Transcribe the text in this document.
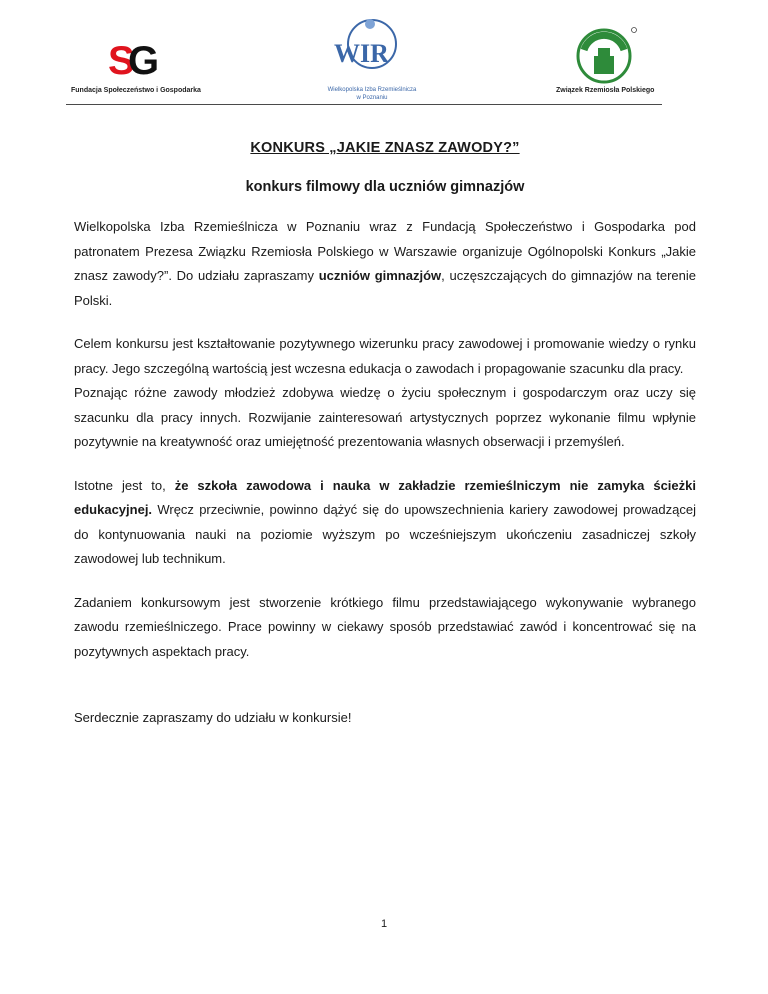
S
G
Fundacja Społeczeństwo i Gospodarka
WIR
Wielkopolska Izba Rzemieślnicza w Poznaniu
Związek Rzemiosła Polskiego
KONKURS „JAKIE ZNASZ ZAWODY?”
konkurs filmowy dla uczniów gimnazjów

Wielkopolska Izba Rzemieślnicza w Poznaniu wraz z Fundacją Społeczeństwo i Gospodarka pod patronatem Prezesa Związku Rzemiosła Polskiego w Warszawie organizuje Ogólnopolski Konkurs „Jakie znasz zawody?”. Do udziału zapraszamy uczniów gimnazjów, uczęszczających do gimnazjów na terenie Polski.

Celem konkursu jest kształtowanie pozytywnego wizerunku pracy zawodowej i promowanie wiedzy o rynku pracy. Jego szczególną wartością jest wczesna edukacja o zawodach i propagowanie szacunku dla pracy.

Poznając różne zawody młodzież zdobywa wiedzę o życiu społecznym i gospodarczym oraz uczy się szacunku dla pracy innych. Rozwijanie zainteresowań artystycznych poprzez wykonanie filmu wpłynie pozytywnie na kreatywność oraz umiejętność prezentowania własnych obserwacji i przemyśleń.

Istotne jest to, że szkoła zawodowa i nauka w zakładzie rzemieślniczym nie zamyka ścieżki edukacyjnej. Wręcz przeciwnie, powinno dążyć się do upowszechnienia kariery zawodowej prowadzącej do kontynuowania nauki na poziomie wyższym po wcześniejszym ukończeniu zasadniczej szkoły zawodowej lub technikum.

Zadaniem konkursowym jest stworzenie krótkiego filmu przedstawiającego wykonywanie wybranego zawodu rzemieślniczego. Prace powinny w ciekawy sposób przedstawiać zawód i koncentrować się na pozytywnych aspektach pracy.

Serdecznie zapraszamy do udziału w konkursie!

1
